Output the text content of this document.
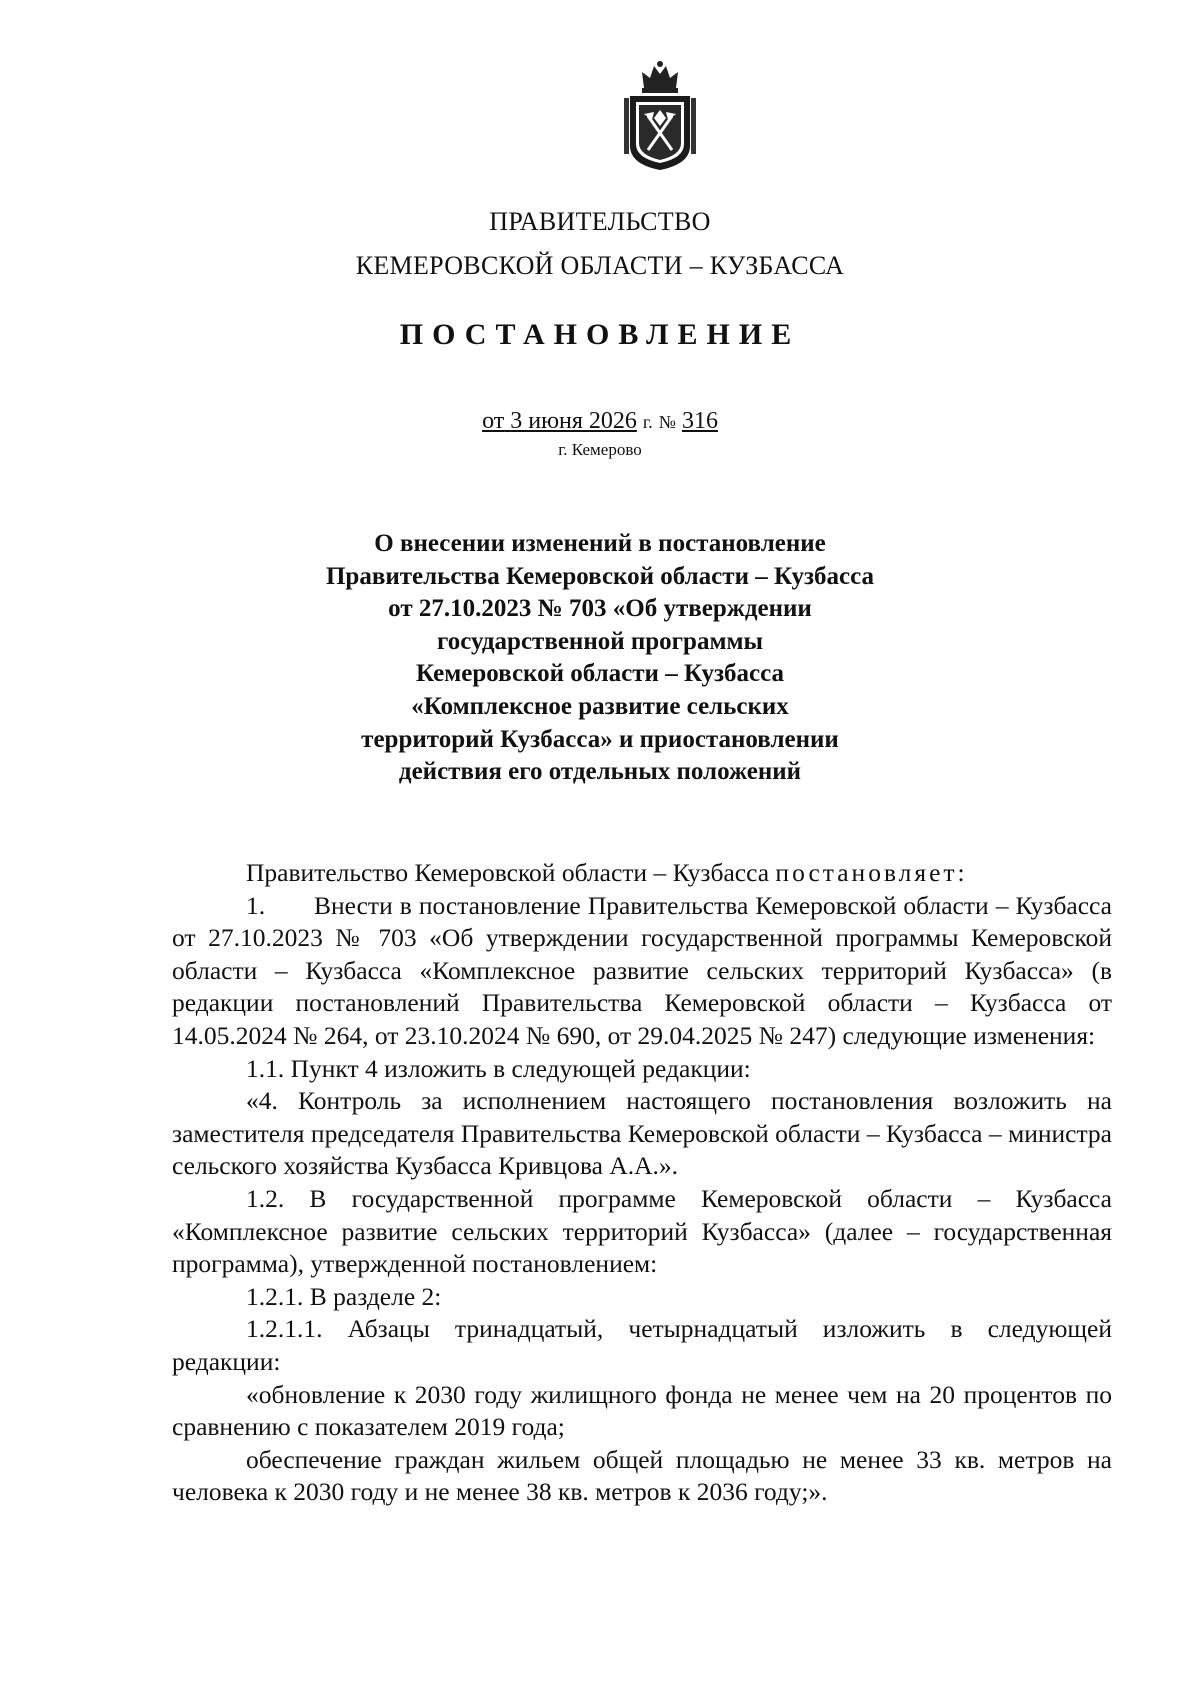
ПРАВИТЕЛЬСТВО
КЕМЕРОВСКОЙ ОБЛАСТИ – КУЗБАССА
ПОСТАНОВЛЕНИЕ
от 3 июня 2026 г. № 316
г. Кемерово
О внесении изменений в постановление
Правительства Кемеровской области – Кузбасса
от 27.10.2023 № 703 «Об утверждении
государственной программы
Кемеровской области – Кузбасса
«Комплексное развитие сельских
территорий Кузбасса» и приостановлении
действия его отдельных положений

Правительство Кемеровской области – Кузбасса постановляет:

1. Внести в постановление Правительства Кемеровской области – Кузбасса от 27.10.2023 № 703 «Об утверждении государственной программы Кемеровской области – Кузбасса «Комплексное развитие сельских территорий Кузбасса» (в редакции постановлений Правительства Кемеровской области – Кузбасса от 14.05.2024 № 264, от 23.10.2024 № 690, от 29.04.2025 № 247) следующие изменения:

1.1. Пункт 4 изложить в следующей редакции:

«4. Контроль за исполнением настоящего постановления возложить на заместителя председателя Правительства Кемеровской области – Кузбасса – министра сельского хозяйства Кузбасса Кривцова А.А.».

1.2. В государственной программе Кемеровской области – Кузбасса «Комплексное развитие сельских территорий Кузбасса» (далее – государственная программа), утвержденной постановлением:

1.2.1. В разделе 2:

1.2.1.1. Абзацы тринадцатый, четырнадцатый изложить в следующей редакции:

«обновление к 2030 году жилищного фонда не менее чем на 20 процентов по сравнению с показателем 2019 года;

обеспечение граждан жильем общей площадью не менее 33 кв. метров на человека к 2030 году и не менее 38 кв. метров к 2036 году;».
